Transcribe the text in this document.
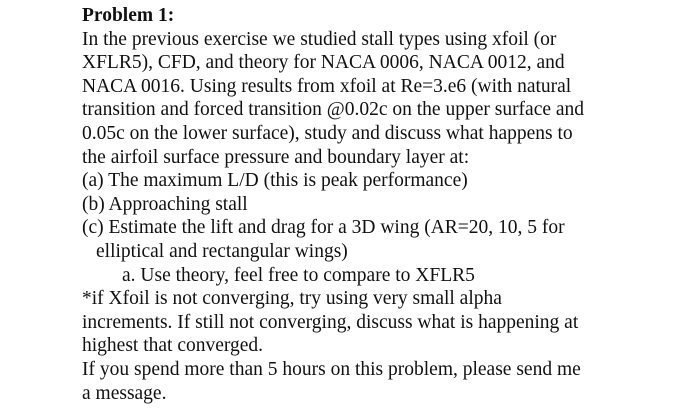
Problem 1:
In the previous exercise we studied stall types using xfoil (or
XFLR5), CFD, and theory for NACA 0006, NACA 0012, and
NACA 0016. Using results from xfoil at Re=3.e6 (with natural
transition and forced transition @0.02c on the upper surface and
0.05c on the lower surface), study and discuss what happens to
the airfoil surface pressure and boundary layer at:
(a) The maximum L/D (this is peak performance)
(b) Approaching stall
(c) Estimate the lift and drag for a 3D wing (AR=20, 10, 5 for
elliptical and rectangular wings)
a. Use theory, feel free to compare to XFLR5
*if Xfoil is not converging, try using very small alpha
increments. If still not converging, discuss what is happening at
highest that converged.
If you spend more than 5 hours on this problem, please send me
a message.
